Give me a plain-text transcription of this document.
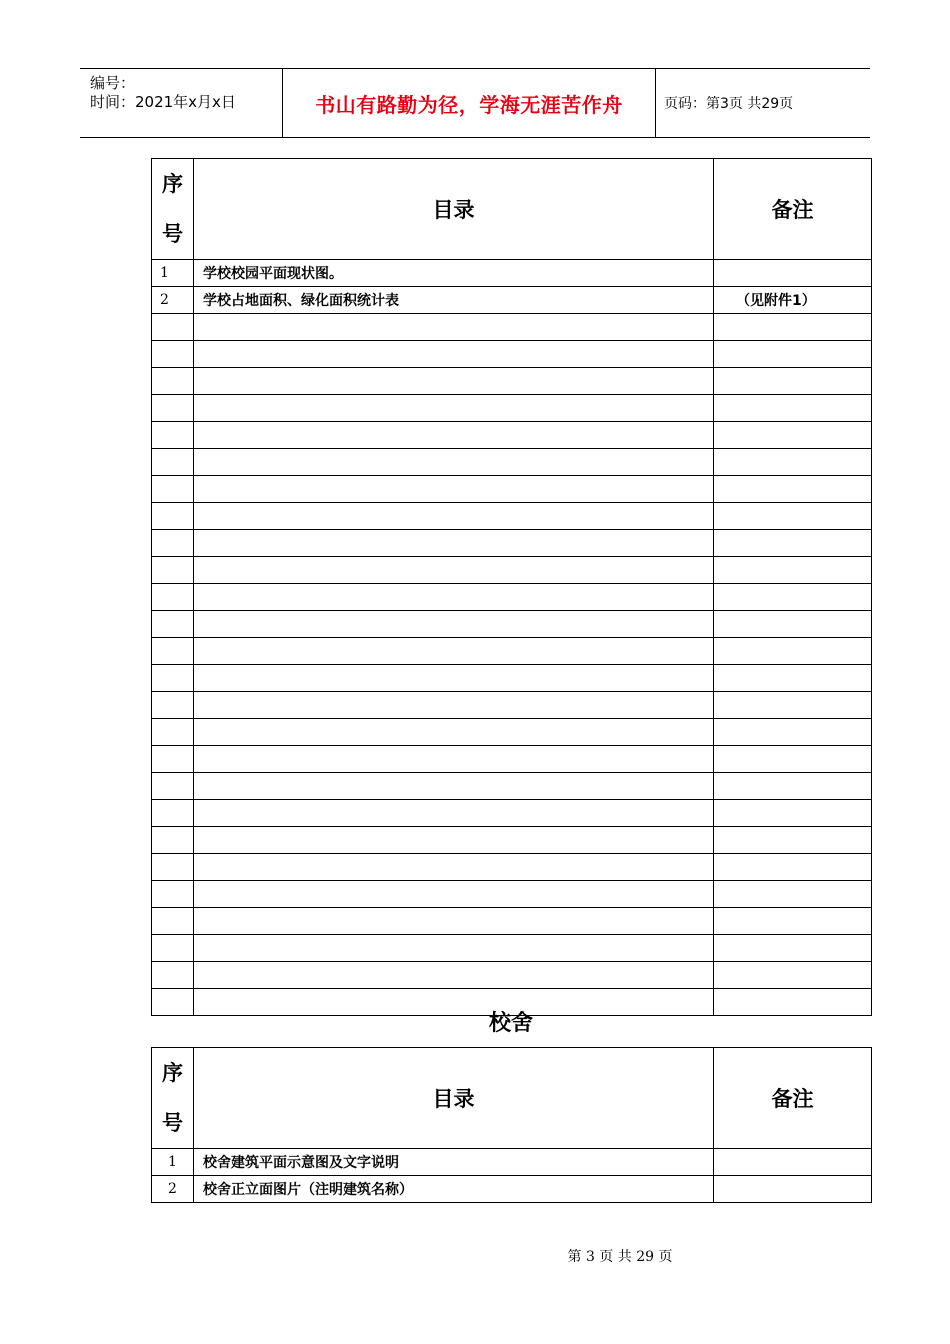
编号：
时间：2021年x月x日	书山有路勤为径，学海无涯苦作舟	页码：第3页 共29页
序
号	目录	备注
1	学校校园平面现状图。	
2	学校占地面积、绿化面积统计表	（见附件1）

校舍
序
号	目录	备注
1	校舍建筑平面示意图及文字说明	
2	校舍正立面图片（注明建筑名称）	
第 3 页 共 29 页
